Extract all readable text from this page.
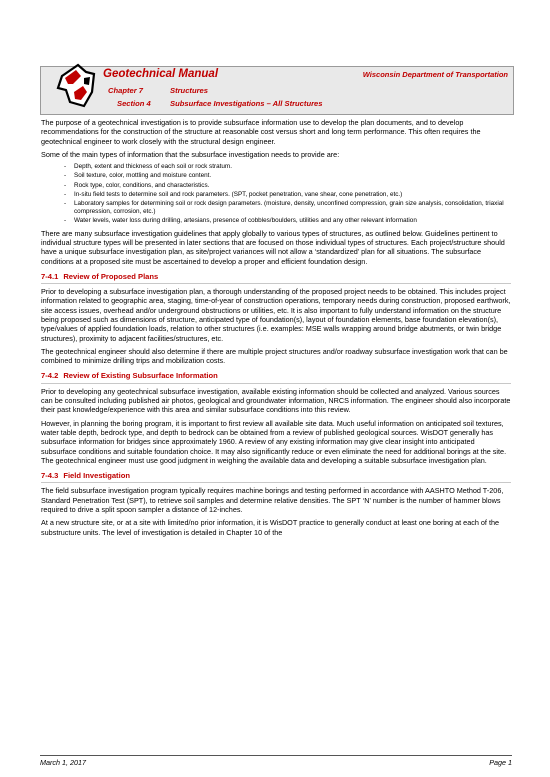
Geotechnical Manual	Wisconsin Department of Transportation
Chapter 7	Structures
Section 4	Subsurface Investigations – All Structures

The purpose of a geotechnical investigation is to provide subsurface information use to develop the plan documents, and to develop recommendations for the construction of the structure at reasonable cost versus short and long term performance. This often requires the geotechnical engineer to work closely with the structural design engineer.

Some of the main types of information that the subsurface investigation needs to provide are:

- Depth, extent and thickness of each soil or rock stratum.
- Soil texture, color, mottling and moisture content.
- Rock type, color, conditions, and characteristics.
- In-situ field tests to determine soil and rock parameters. (SPT, pocket penetration, vane shear, cone penetration, etc.)
- Laboratory samples for determining soil or rock design parameters. (moisture, density, unconfined compression, grain size analysis, consolidation, triaxial compression, corrosion, etc.)
- Water levels, water loss during drilling, artesians, presence of cobbles/boulders, utilities and any other relevant information

There are many subsurface investigation guidelines that apply globally to various types of structures, as outlined below. Guidelines pertinent to individual structure types will be presented in later sections that are focused on those individual types of structures. Each project/structure should have a unique subsurface investigation plan, as site/project variances will not allow a ‘standardized’ plan for all situations. The subsurface conditions at a proposed site must be ascertained to develop a proper and efficient foundation design.

7-4.1 Review of Proposed Plans

Prior to developing a subsurface investigation plan, a thorough understanding of the proposed project needs to be obtained. This includes project information related to geographic area, staging, time-of-year of construction operations, temporary needs during construction, proposed earthwork, site access issues, overhead and/or underground obstructions or utilities, etc. It is also important to fully understand information on the structure being proposed such as dimensions of structure, anticipated type of foundation(s), layout of foundation elements, base foundation elevation(s), type/values of applied foundation loads, relation to other structures (i.e. examples: MSE walls wrapping around bridge abutments, or twin bridge structures), proximity to adjacent facilities/structures, etc.

The geotechnical engineer should also determine if there are multiple project structures and/or roadway subsurface investigation work that can be combined to minimize drilling trips and mobilization costs.

7-4.2 Review of Existing Subsurface Information

Prior to developing any geotechnical subsurface investigation, available existing information should be collected and analyzed. Various sources can be consulted including published air photos, geological and groundwater information, NRCS information. The engineer should also incorporate their past knowledge/experience with this area and similar subsurface conditions into this review.

However, in planning the boring program, it is important to first review all available site data. Much useful information on anticipated soil textures, water table depth, bedrock type, and depth to bedrock can be obtained from a review of published geological sources. WisDOT generally has subsurface information for bridges since approximately 1960. A review of any existing information may give clear insight into anticipated subsurface conditions and suitable foundation choice. It may also significantly reduce or even eliminate the need for additional borings at the site. The geotechnical engineer must use good judgment in weighing the available data and developing a suitable subsurface investigation plan.

7-4.3 Field Investigation

The field subsurface investigation program typically requires machine borings and testing performed in accordance with AASHTO Method T-206, Standard Penetration Test (SPT), to retrieve soil samples and determine relative densities. The SPT ‘N’ number is the number of hammer blows required to drive a split spoon sampler a distance of 12-inches.

At a new structure site, or at a site with limited/no prior information, it is WisDOT practice to generally conduct at least one boring at each of the substructure units. The level of investigation is detailed in Chapter 10 of the

March 1, 2017	Page 1
